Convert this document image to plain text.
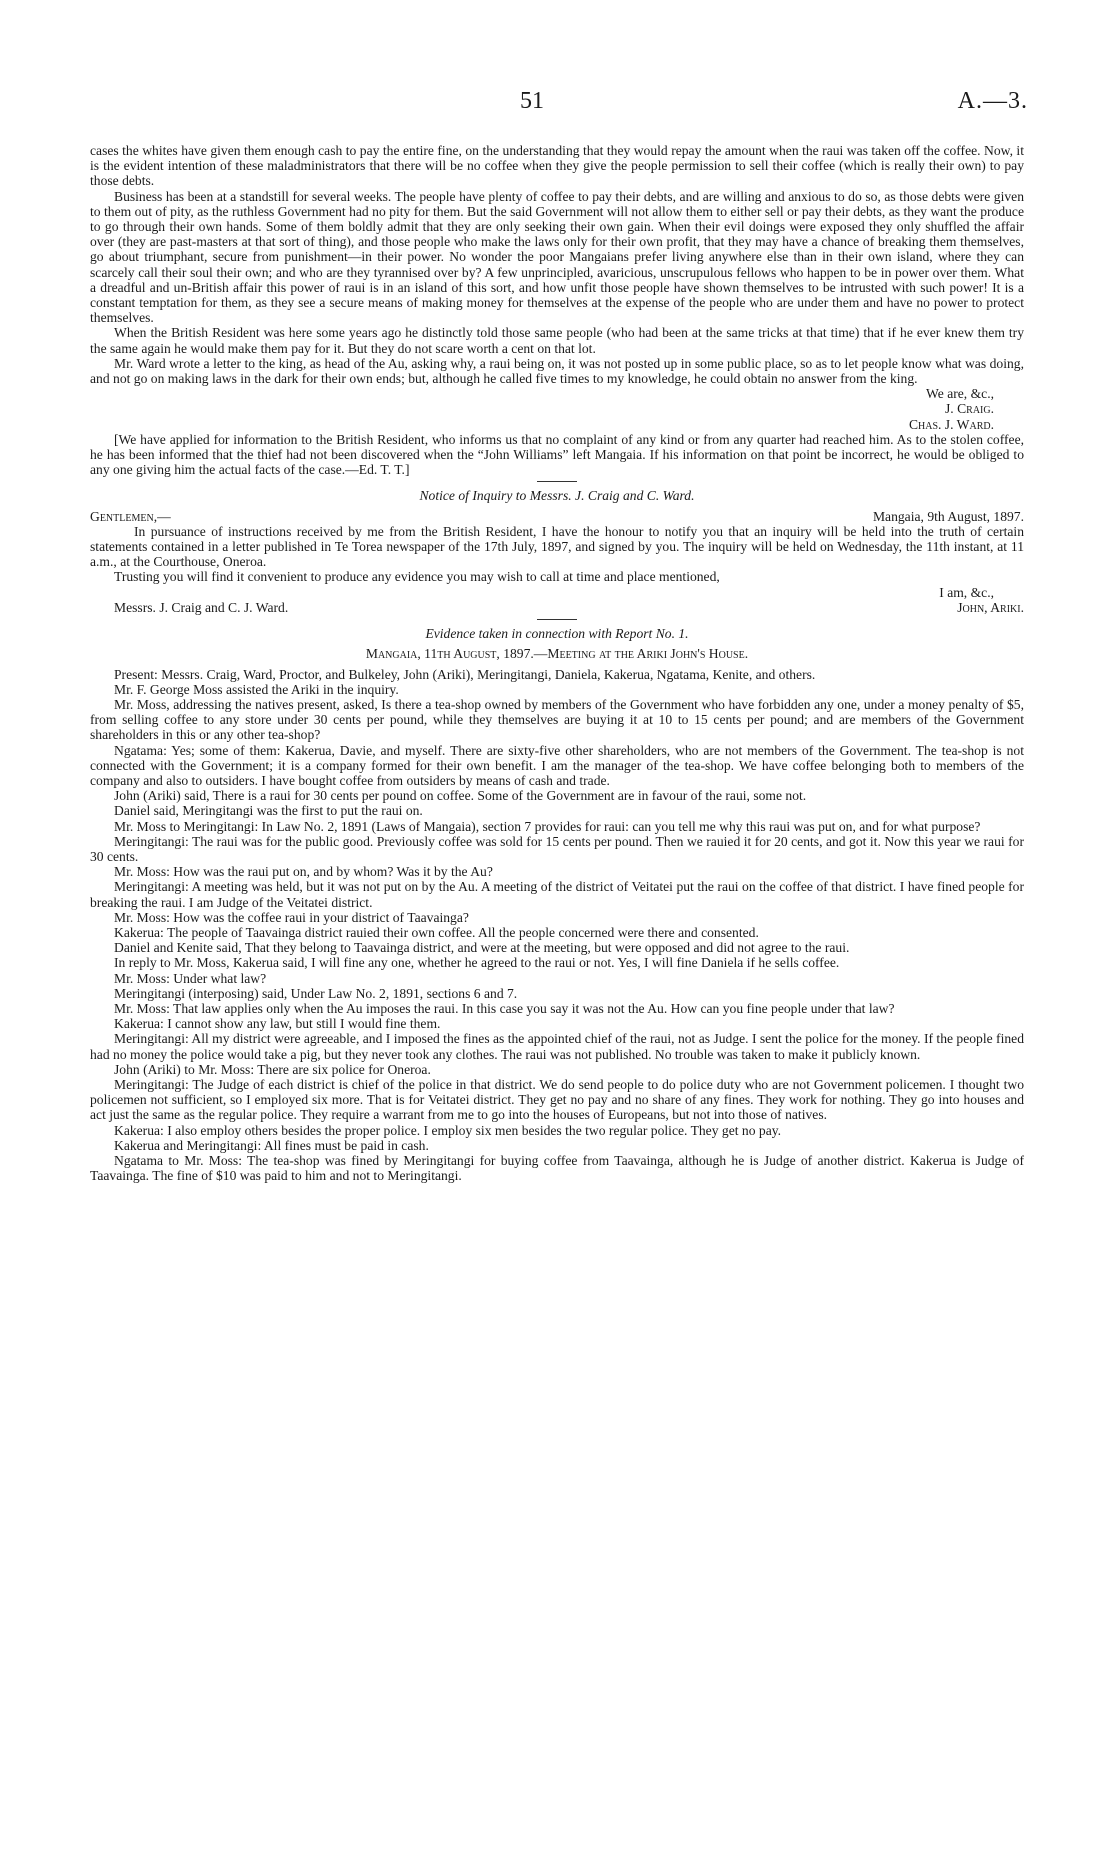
51	A.—3.

cases the whites have given them enough cash to pay the entire fine, on the understanding that they would repay the amount when the raui was taken off the coffee. Now, it is the evident intention of these maladministrators that there will be no coffee when they give the people permission to sell their coffee (which is really their own) to pay those debts.

Business has been at a standstill for several weeks. The people have plenty of coffee to pay their debts, and are willing and anxious to do so, as those debts were given to them out of pity, as the ruthless Government had no pity for them. But the said Government will not allow them to either sell or pay their debts, as they want the produce to go through their own hands. Some of them boldly admit that they are only seeking their own gain. When their evil doings were exposed they only shuffled the affair over (they are past-masters at that sort of thing), and those people who make the laws only for their own profit, that they may have a chance of breaking them themselves, go about triumphant, secure from punishment—in their power. No wonder the poor Mangaians prefer living anywhere else than in their own island, where they can scarcely call their soul their own; and who are they tyrannised over by? A few unprincipled, avaricious, unscrupulous fellows who happen to be in power over them. What a dreadful and un-British affair this power of raui is in an island of this sort, and how unfit those people have shown themselves to be intrusted with such power! It is a constant temptation for them, as they see a secure means of making money for themselves at the expense of the people who are under them and have no power to protect themselves.

When the British Resident was here some years ago he distinctly told those same people (who had been at the same tricks at that time) that if he ever knew them try the same again he would make them pay for it. But they do not scare worth a cent on that lot.

Mr. Ward wrote a letter to the king, as head of the Au, asking why, a raui being on, it was not posted up in some public place, so as to let people know what was doing, and not go on making laws in the dark for their own ends; but, although he called five times to my knowledge, he could obtain no answer from the king.

We are, &c.,

J. Craig.

Chas. J. Ward.

[We have applied for information to the British Resident, who informs us that no complaint of any kind or from any quarter had reached him. As to the stolen coffee, he has been informed that the thief had not been discovered when the “John Williams” left Mangaia. If his information on that point be incorrect, he would be obliged to any one giving him the actual facts of the case.—Ed. T. T.]

Notice of Inquiry to Messrs. J. Craig and C. Ward.

Gentlemen,—	Mangaia, 9th August, 1897.

In pursuance of instructions received by me from the British Resident, I have the honour to notify you that an inquiry will be held into the truth of certain statements contained in a letter published in Te Torea newspaper of the 17th July, 1897, and signed by you. The inquiry will be held on Wednesday, the 11th instant, at 11 a.m., at the Courthouse, Oneroa.

Trusting you will find it convenient to produce any evidence you may wish to call at time and place mentioned,

I am, &c.,

Messrs. J. Craig and C. J. Ward.	John, Ariki.

Evidence taken in connection with Report No. 1.

Mangaia, 11th August, 1897.—Meeting at the Ariki John's House.

Present: Messrs. Craig, Ward, Proctor, and Bulkeley, John (Ariki), Meringitangi, Daniela, Kakerua, Ngatama, Kenite, and others.

Mr. F. George Moss assisted the Ariki in the inquiry.

Mr. Moss, addressing the natives present, asked, Is there a tea-shop owned by members of the Government who have forbidden any one, under a money penalty of $5, from selling coffee to any store under 30 cents per pound, while they themselves are buying it at 10 to 15 cents per pound; and are members of the Government shareholders in this or any other tea-shop?

Ngatama: Yes; some of them: Kakerua, Davie, and myself. There are sixty-five other shareholders, who are not members of the Government. The tea-shop is not connected with the Government; it is a company formed for their own benefit. I am the manager of the tea-shop. We have coffee belonging both to members of the company and also to outsiders. I have bought coffee from outsiders by means of cash and trade.

John (Ariki) said, There is a raui for 30 cents per pound on coffee. Some of the Government are in favour of the raui, some not.

Daniel said, Meringitangi was the first to put the raui on.

Mr. Moss to Meringitangi: In Law No. 2, 1891 (Laws of Mangaia), section 7 provides for raui: can you tell me why this raui was put on, and for what purpose?

Meringitangi: The raui was for the public good. Previously coffee was sold for 15 cents per pound. Then we rauied it for 20 cents, and got it. Now this year we raui for 30 cents.

Mr. Moss: How was the raui put on, and by whom? Was it by the Au?

Meringitangi: A meeting was held, but it was not put on by the Au. A meeting of the district of Veitatei put the raui on the coffee of that district. I have fined people for breaking the raui. I am Judge of the Veitatei district.

Mr. Moss: How was the coffee raui in your district of Taavainga?

Kakerua: The people of Taavainga district rauied their own coffee. All the people concerned were there and consented.

Daniel and Kenite said, That they belong to Taavainga district, and were at the meeting, but were opposed and did not agree to the raui.

In reply to Mr. Moss, Kakerua said, I will fine any one, whether he agreed to the raui or not. Yes, I will fine Daniela if he sells coffee.

Mr. Moss: Under what law?

Meringitangi (interposing) said, Under Law No. 2, 1891, sections 6 and 7.

Mr. Moss: That law applies only when the Au imposes the raui. In this case you say it was not the Au. How can you fine people under that law?

Kakerua: I cannot show any law, but still I would fine them.

Meringitangi: All my district were agreeable, and I imposed the fines as the appointed chief of the raui, not as Judge. I sent the police for the money. If the people fined had no money the police would take a pig, but they never took any clothes. The raui was not published. No trouble was taken to make it publicly known.

John (Ariki) to Mr. Moss: There are six police for Oneroa.

Meringitangi: The Judge of each district is chief of the police in that district. We do send people to do police duty who are not Government policemen. I thought two policemen not sufficient, so I employed six more. That is for Veitatei district. They get no pay and no share of any fines. They work for nothing. They go into houses and act just the same as the regular police. They require a warrant from me to go into the houses of Europeans, but not into those of natives.

Kakerua: I also employ others besides the proper police. I employ six men besides the two regular police. They get no pay.

Kakerua and Meringitangi: All fines must be paid in cash.

Ngatama to Mr. Moss: The tea-shop was fined by Meringitangi for buying coffee from Taavainga, although he is Judge of another district. Kakerua is Judge of Taavainga. The fine of $10 was paid to him and not to Meringitangi.
